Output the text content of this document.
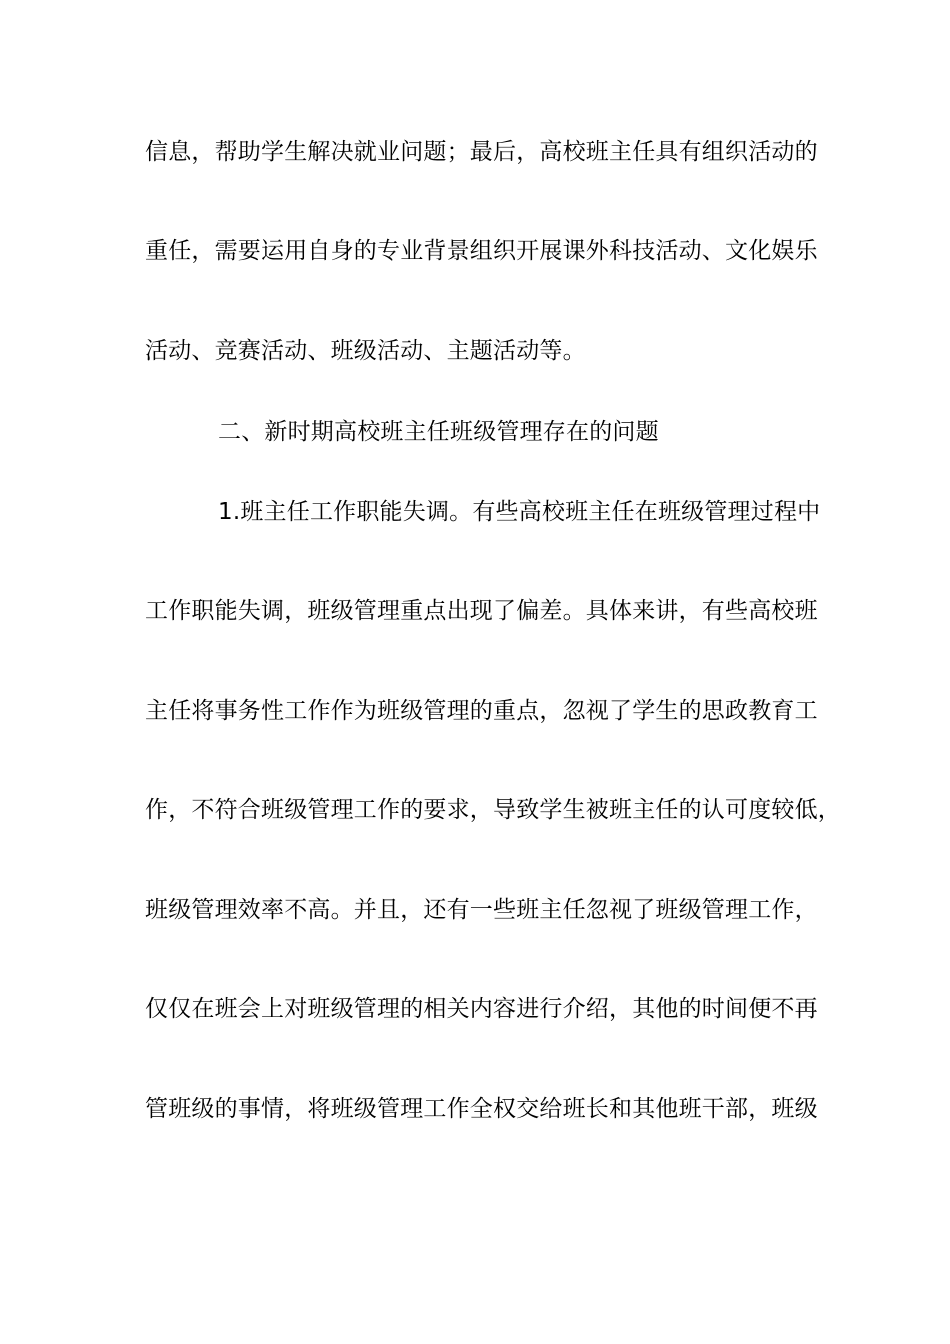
信息，帮助学生解决就业问题；最后，高校班主任具有组织活动的
重任，需要运用自身的专业背景组织开展课外科技活动、文化娱乐
活动、竞赛活动、班级活动、主题活动等。
二、新时期高校班主任班级管理存在的问题
1.班主任工作职能失调。有些高校班主任在班级管理过程中
工作职能失调，班级管理重点出现了偏差。具体来讲，有些高校班
主任将事务性工作作为班级管理的重点，忽视了学生的思政教育工
作，不符合班级管理工作的要求，导致学生被班主任的认可度较低，
班级管理效率不高。并且，还有一些班主任忽视了班级管理工作，
仅仅在班会上对班级管理的相关内容进行介绍，其他的时间便不再
管班级的事情，将班级管理工作全权交给班长和其他班干部，班级
